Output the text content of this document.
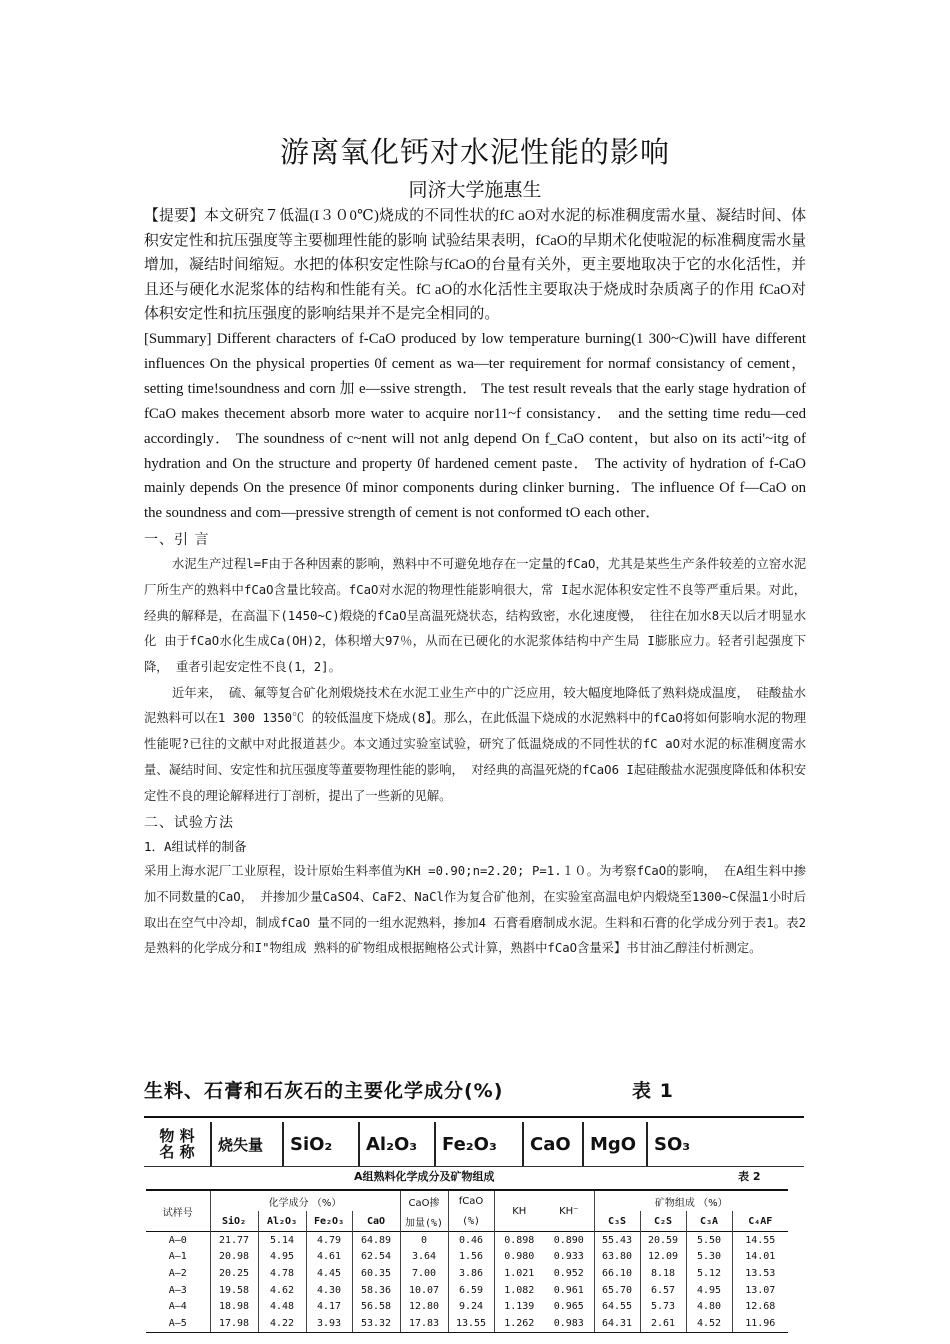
游离氧化钙对水泥性能的影响
同济大学施惠生

【提要】本文研究７低温(I３０0℃)烧成的不同性状的fC aO对水泥的标准稠度需水量、凝结时间、体积安定性和抗压强度等主要枷理性能的影响 试验结果表明，fCaO的早期术化使啦泥的标准稠度需水量增加，凝结时间缩短。水把的体积安定性除与fCaO的台量有关外，更主要地取决于它的水化活性，并且还与硬化水泥浆体的结构和性能有关。fC aO的水化活性主要取决于烧成时杂质离子的作用 fCaO对体积安定性和抗压强度的影响结果并不是完全相同的。

[Summary] Different characters of f-CaO produced by low temperature burning(1 300~C)will have different influences On the physical properties 0f cement as wa—ter requirement for normaf consistancy of cement， setting time!soundness and corn 加 e—ssive strength． The test result reveals that the early stage hydration of fCaO makes thecement absorb more water to acquire nor11~f consistancy． and the setting time redu—ced accordingly． The soundness of c~nent will not anlg depend On f_CaO content，but also on its acti'~itg of hydration and On the structure and property 0f hardened cement paste． The activity of hydration of f-CaO mainly depends On the presence 0f minor components during clinker burning．The influence Of f—CaO on the soundness and com—pressive strength of cement is not conformed tO each other．

一、引 言

水泥生产过程l=F由于各种因素的影响，熟料中不可避免地存在一定量的fCaO，尤其是某些生产条件较差的立窑水泥厂所生产的熟料中fCaO含量比较高。fCaO对水泥的物理性能影响很大，常 I起水泥体积安定性不良等严重后果。对此，经典的解释是，在高温下(1450~C)煅烧的fCaO呈高温死烧状态，结构致密，水化速度慢， 往往在加水8天以后才明显水化 由于fCaO水化生成Ca(OH)2，体积增大97％，从而在已硬化的水泥浆体结构中产生局 I膨胀应力。轻者引起强度下降， 重者引起安定性不良(1，2]。

近年来， 硫、氟等复合矿化剂煅烧技术在水泥工业生产中的广泛应用，较大幅度地降低了熟料烧成温度， 硅酸盐水泥熟料可以在1 300 1350℃ 的较低温度下烧成(8】。那么，在此低温下烧成的水泥熟料中的fCaO将如何影响水泥的物理性能呢?已往的文献中对此报道甚少。本文通过实验室试验，研究了低温烧成的不同性状的fC aO对水泥的标准稠度需水量、凝结时间、安定性和抗压强度等董要物理性能的影响， 对经典的高温死烧的fCaO6 I起硅酸盐水泥强度降低和体积安定性不良的理论解释进行丁剖析，提出了一些新的见解。

二、试验方法
1．A组试样的制备

采用上海水泥厂工业原程，设计原始生料率值为KH =0.90;n=2.20; P=1.１０。为考察fCaO的影响， 在A组生料中掺加不同数量的CaO， 并掺加少量CaSO4、CaF2、NaCl作为复合矿他剂，在实验室高温电炉内煅烧至1300~C保温1小时后取出在空气中冷却，制成fCaO 量不同的一组水泥熟料，掺加4 石膏看磨制成水泥。生料和石膏的化学成分列于表1。表2是熟料的化学成分和I"物组成 熟料的矿物组成根据鲍格公式计算，熟斟中fCaO含量采】书甘油乙醇洼付析测定。

生料、石膏和石灰石的主要化学成分(%)	表 1
物 料
名 称	烧失量	SiO₂	Al₂O₃	Fe₂O₃	CaO	MgO SO₃
A组熟料化学成分及矿物组成	表 2
试样号	化学成分 （%）				CaO掺	fCaO	KH	KH⁻	矿物组成 （%）			
	SiO₂	Al₂O₃	Fe₂O₃	CaO	加量(%)	(%)			C₃S	C₂S	C₃A	C₄AF
A—0	21.77	5.14	4.79	64.89	0	0.46	0.898	0.890	55.43	20.59	5.50	14.55
A—1	20.98	4.95	4.61	62.54	3.64	1.56	0.980	0.933	63.80	12.09	5.30	14.01
A—2	20.25	4.78	4.45	60.35	7.00	3.86	1.021	0.952	66.10	8.18	5.12	13.53
A—3	19.58	4.62	4.30	58.36	10.07	6.59	1.082	0.961	65.70	6.57	4.95	13.07
A—4	18.98	4.48	4.17	56.58	12.80	9.24	1.139	0.965	64.55	5.73	4.80	12.68
A—5	17.98	4.22	3.93	53.32	17.83	13.55	1.262	0.983	64.31	2.61	4.52	11.96
